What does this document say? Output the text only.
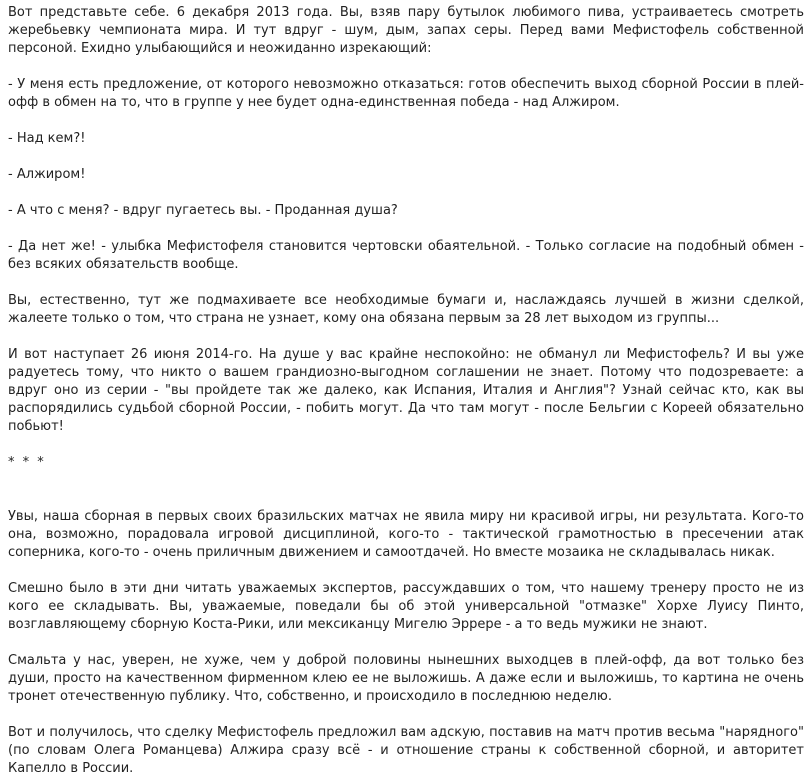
Вот представьте себе. 6 декабря 2013 года. Вы, взяв пару бутылок любимого пива, устраиваетесь смотреть жеребьевку чемпионата мира. И тут вдруг - шум, дым, запах серы. Перед вами Мефистофель собственной персоной. Ехидно улыбающийся и неожиданно изрекающий:

- У меня есть предложение, от которого невозможно отказаться: готов обеспечить выход сборной России в плей-офф в обмен на то, что в группе у нее будет одна-единственная победа - над Алжиром.

- Над кем?!

- Алжиром!

- А что с меня? - вдруг пугаетесь вы. - Проданная душа?

- Да нет же! - улыбка Мефистофеля становится чертовски обаятельной. - Только согласие на подобный обмен - без всяких обязательств вообще.

Вы, естественно, тут же подмахиваете все необходимые бумаги и, наслаждаясь лучшей в жизни сделкой, жалеете только о том, что страна не узнает, кому она обязана первым за 28 лет выходом из группы...

И вот наступает 26 июня 2014-го. На душе у вас крайне неспокойно: не обманул ли Мефистофель? И вы уже радуетесь тому, что никто о вашем грандиозно-выгодном соглашении не знает. Потому что подозреваете: а вдруг оно из серии - "вы пройдете так же далеко, как Испания, Италия и Англия"? Узнай сейчас кто, как вы распорядились судьбой сборной России, - побить могут. Да что там могут - после Бельгии с Кореей обязательно побьют!

* * *

Увы, наша сборная в первых своих бразильских матчах не явила миру ни красивой игры, ни результата. Кого-то она, возможно, порадовала игровой дисциплиной, кого-то - тактической грамотностью в пресечении атак соперника, кого-то - очень приличным движением и самоотдачей. Но вместе мозаика не складывалась никак.

Смешно было в эти дни читать уважаемых экспертов, рассуждавших о том, что нашему тренеру просто не из кого ее складывать. Вы, уважаемые, поведали бы об этой универсальной "отмазке" Хорхе Луису Пинто, возглавляющему сборную Коста-Рики, или мексиканцу Мигелю Эррере - а то ведь мужики не знают.

Смальта у нас, уверен, не хуже, чем у доброй половины нынешних выходцев в плей-офф, да вот только без души, просто на качественном фирменном клею ее не выложишь. А даже если и выложишь, то картина не очень тронет отечественную публику. Что, собственно, и происходило в последнюю неделю.

Вот и получилось, что сделку Мефистофель предложил вам адскую, поставив на матч против весьма "нарядного" (по словам Олега Романцева) Алжира сразу всё - и отношение страны к собственной сборной, и авторитет Капелло в России.
